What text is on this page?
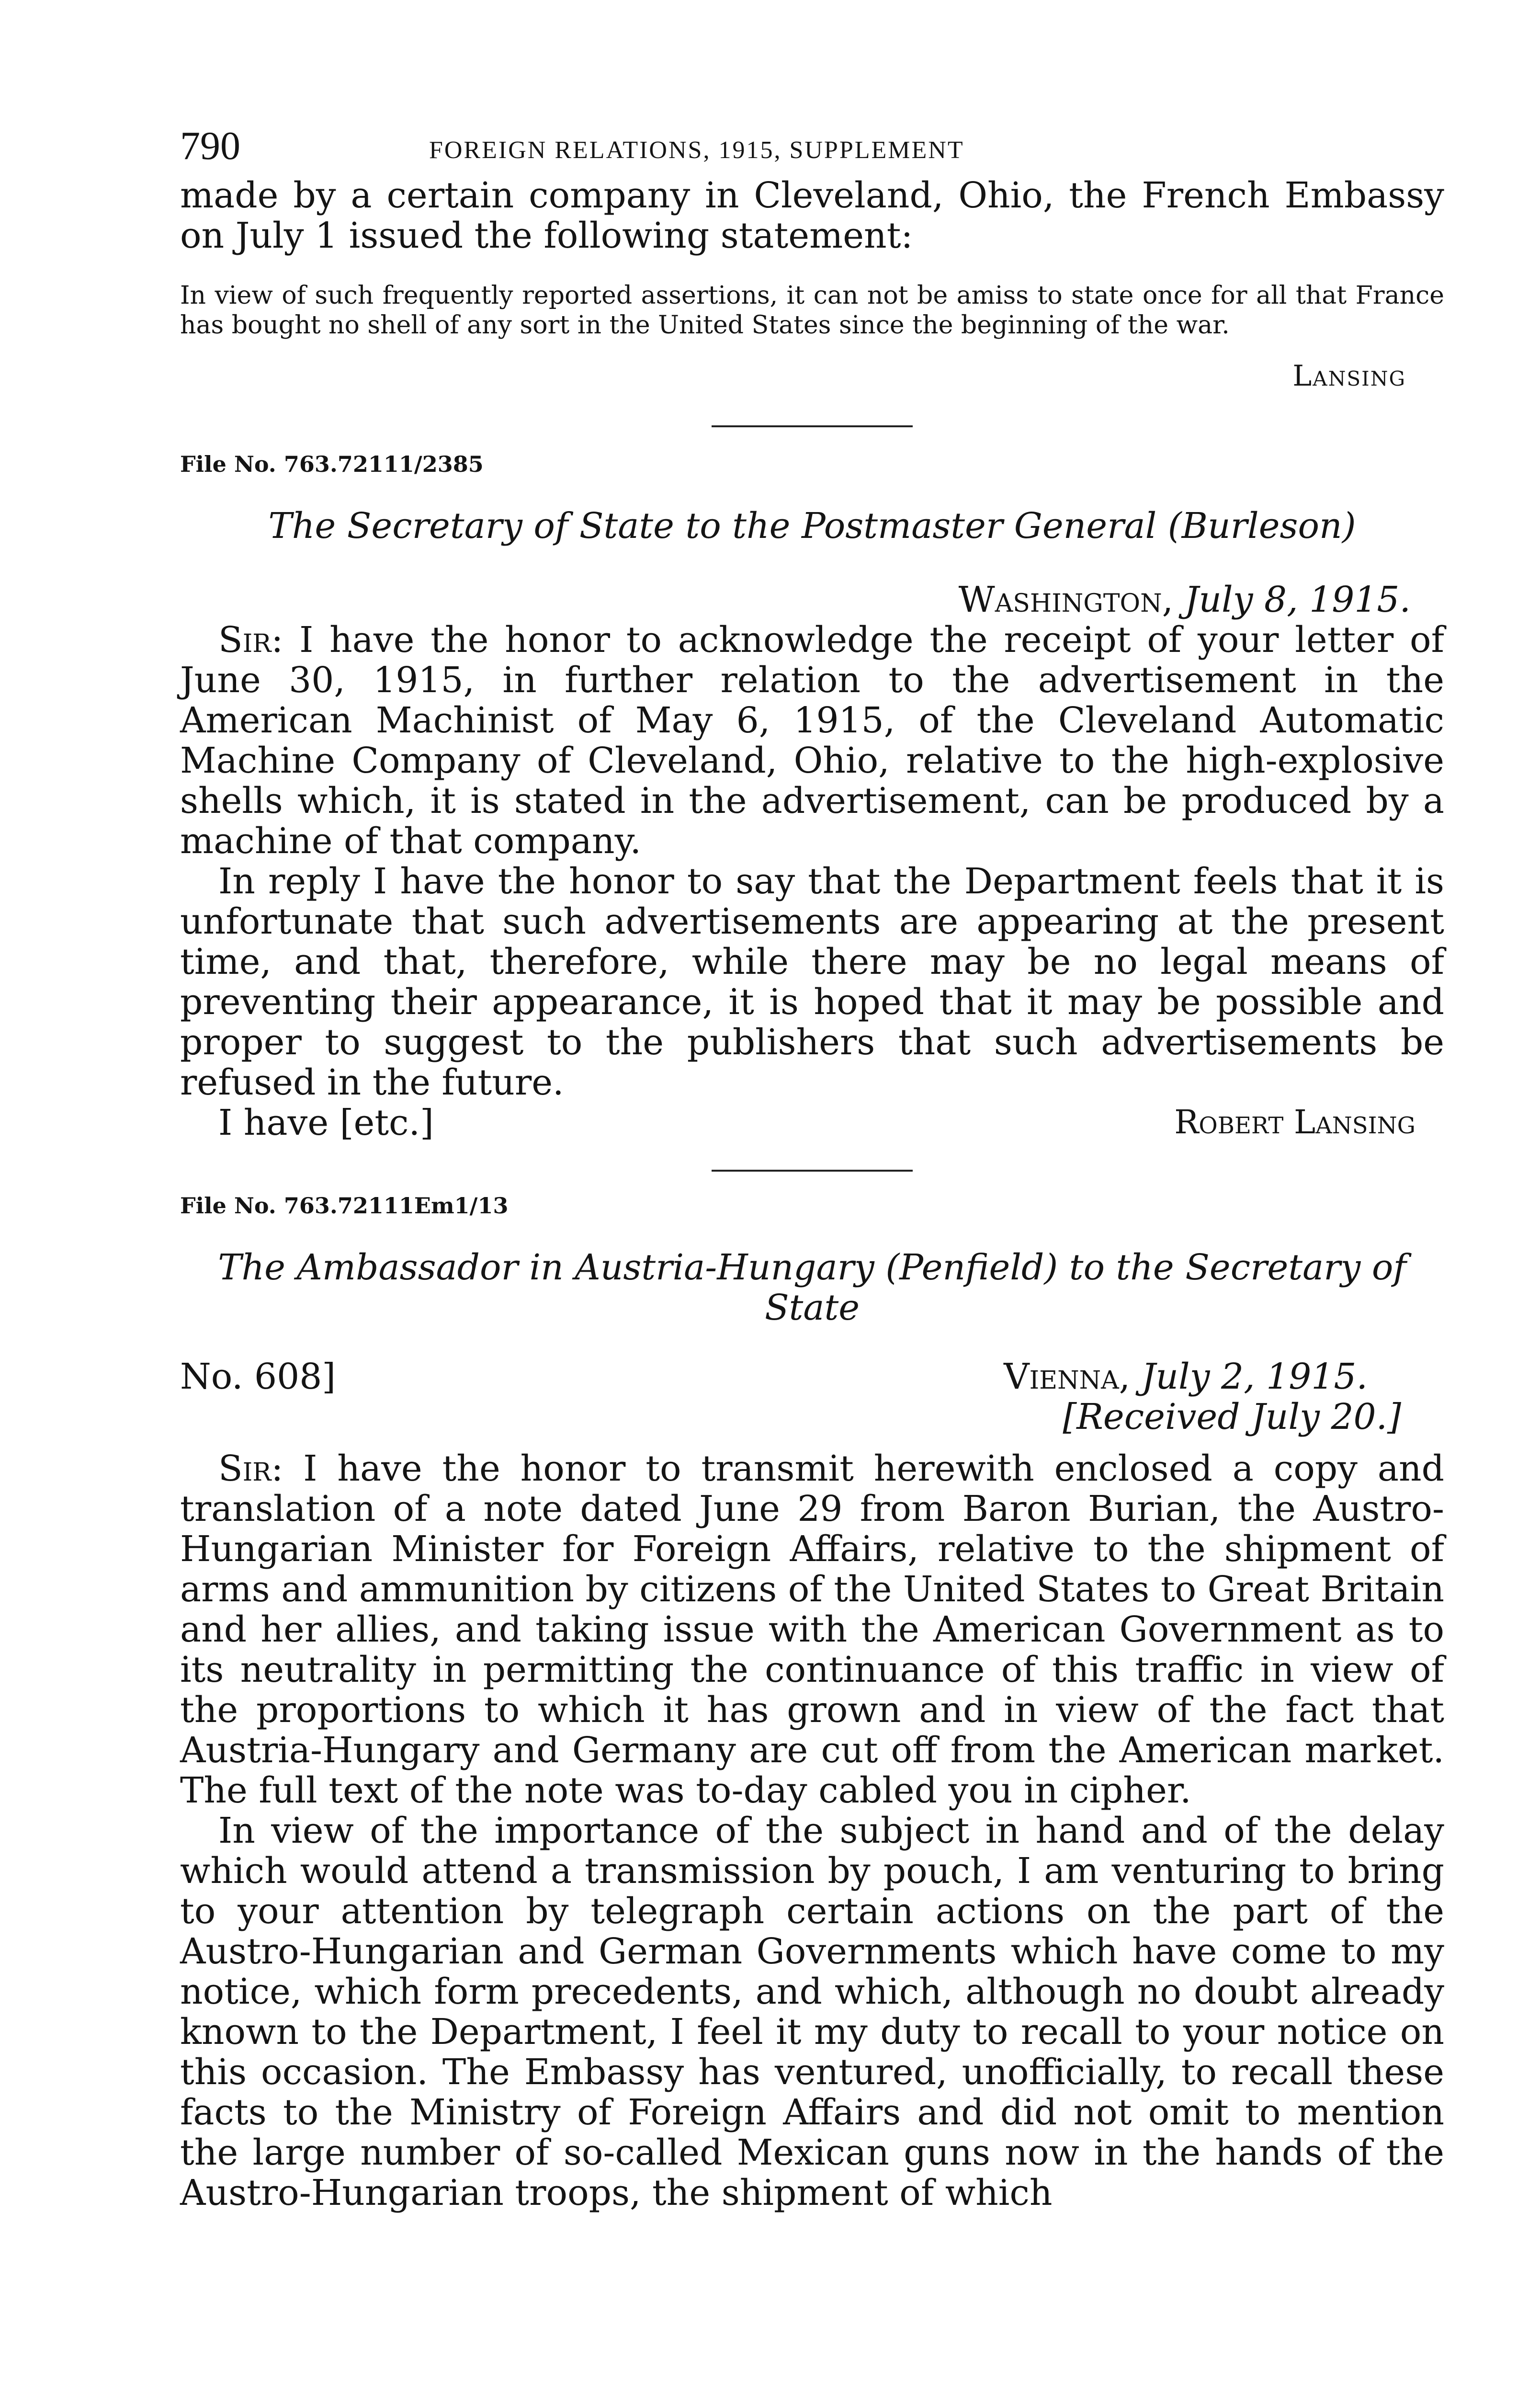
790	FOREIGN RELATIONS, 1915, SUPPLEMENT

made by a certain company in Cleveland, Ohio, the French Embassy on July 1 issued the following statement:

In view of such frequently reported assertions, it can not be amiss to state once for all that France has bought no shell of any sort in the United States since the beginning of the war.

Lansing

File No. 763.72111/2385

The Secretary of State to the Postmaster General (Burleson)

Washington, July 8, 1915.

Sir: I have the honor to acknowledge the receipt of your letter of June 30, 1915, in further relation to the advertisement in the American Machinist of May 6, 1915, of the Cleveland Automatic Machine Company of Cleveland, Ohio, relative to the high-explosive shells which, it is stated in the advertisement, can be produced by a machine of that company.

In reply I have the honor to say that the Department feels that it is unfortunate that such advertisements are appearing at the present time, and that, therefore, while there may be no legal means of preventing their appearance, it is hoped that it may be possible and proper to suggest to the publishers that such advertisements be refused in the future.

I have [etc.]	Robert Lansing

File No. 763.72111Em1/13

The Ambassador in Austria-Hungary (Penfield) to the Secretary of State

No. 608]	Vienna, July 2, 1915.

[Received July 20.]

Sir: I have the honor to transmit herewith enclosed a copy and translation of a note dated June 29 from Baron Burian, the Austro-Hungarian Minister for Foreign Affairs, relative to the shipment of arms and ammunition by citizens of the United States to Great Britain and her allies, and taking issue with the American Government as to its neutrality in permitting the continuance of this traffic in view of the proportions to which it has grown and in view of the fact that Austria-Hungary and Germany are cut off from the American market. The full text of the note was to-day cabled you in cipher.

In view of the importance of the subject in hand and of the delay which would attend a transmission by pouch, I am venturing to bring to your attention by telegraph certain actions on the part of the Austro-Hungarian and German Governments which have come to my notice, which form precedents, and which, although no doubt already known to the Department, I feel it my duty to recall to your notice on this occasion. The Embassy has ventured, unofficially, to recall these facts to the Ministry of Foreign Affairs and did not omit to mention the large number of so-called Mexican guns now in the hands of the Austro-Hungarian troops, the shipment of which
